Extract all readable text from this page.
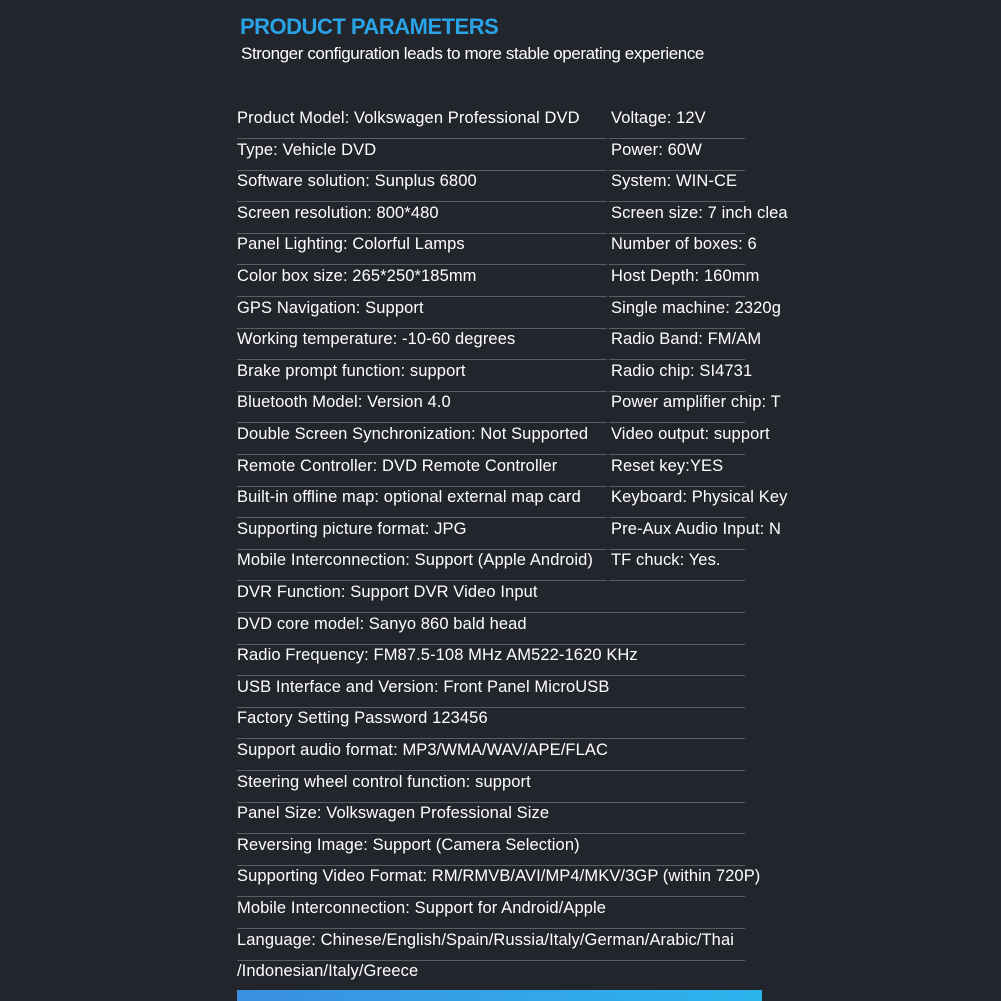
PRODUCT PARAMETERS
Stronger configuration leads to more stable operating experience
Product Model: Volkswagen Professional DVD	Voltage: 12V
Type: Vehicle DVD	Power: 60W
Software solution: Sunplus 6800	System: WIN-CE
Screen resolution: 800*480	Screen size: 7 inch clea
Panel Lighting: Colorful Lamps	Number of boxes: 6
Color box size: 265*250*185mm	Host Depth: 160mm
GPS Navigation: Support	Single machine: 2320g
Working temperature: -10-60 degrees	Radio Band: FM/AM
Brake prompt function: support	Radio chip: SI4731
Bluetooth Model: Version 4.0	Power amplifier chip: T
Double Screen Synchronization: Not Supported	Video output: support
Remote Controller: DVD Remote Controller	Reset key:YES
Built-in offline map: optional external map card	Keyboard: Physical Key
Supporting picture format: JPG	Pre-Aux Audio Input: N
Mobile Interconnection: Support (Apple Android)	TF chuck: Yes.
DVR Function: Support DVR Video Input
DVD core model: Sanyo 860 bald head
Radio Frequency: FM87.5-108 MHz AM522-1620 KHz
USB Interface and Version: Front Panel MicroUSB
Factory Setting Password 123456
Support audio format: MP3/WMA/WAV/APE/FLAC
Steering wheel control function: support
Panel Size: Volkswagen Professional Size
Reversing Image: Support (Camera Selection)
Supporting Video Format: RM/RMVB/AVI/MP4/MKV/3GP (within 720P)
Mobile Interconnection: Support for Android/Apple
Language: Chinese/English/Spain/Russia/Italy/German/Arabic/Thai
/Indonesian/Italy/Greece
